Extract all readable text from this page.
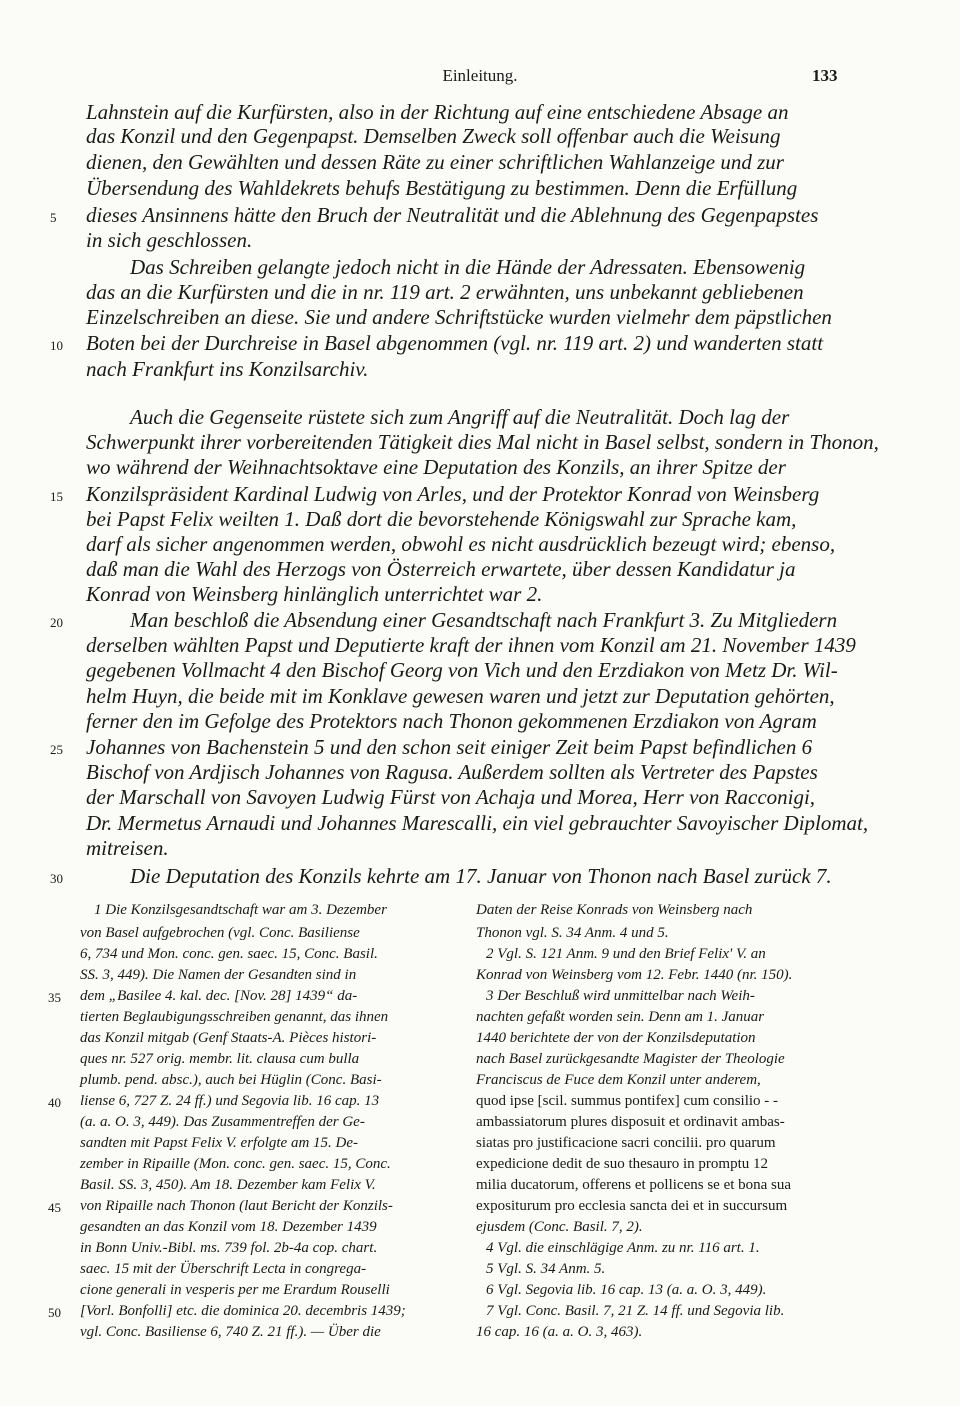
Einleitung.	133
Lahnstein auf die Kurfürsten, also in der Richtung auf eine entschiedene Absage an
das Konzil und den Gegenpapst. Demselben Zweck soll offenbar auch die Weisung
dienen, den Gewählten und dessen Räte zu einer schriftlichen Wahlanzeige und zur
Übersendung des Wahldekrets behufs Bestätigung zu bestimmen. Denn die Erfüllung
dieses Ansinnens hätte den Bruch der Neutralität und die Ablehnung des Gegenpapstes
5
in sich geschlossen.
Das Schreiben gelangte jedoch nicht in die Hände der Adressaten. Ebensowenig
das an die Kurfürsten und die in nr. 119 art. 2 erwähnten, uns unbekannt gebliebenen
Einzelschreiben an diese. Sie und andere Schriftstücke wurden vielmehr dem päpstlichen
Boten bei der Durchreise in Basel abgenommen (vgl. nr. 119 art. 2) und wanderten statt
10
nach Frankfurt ins Konzilsarchiv.
Auch die Gegenseite rüstete sich zum Angriff auf die Neutralität. Doch lag der
Schwerpunkt ihrer vorbereitenden Tätigkeit dies Mal nicht in Basel selbst, sondern in Thonon,
wo während der Weihnachtsoktave eine Deputation des Konzils, an ihrer Spitze der
Konzilspräsident Kardinal Ludwig von Arles, und der Protektor Konrad von Weinsberg
15
bei Papst Felix weilten 1. Daß dort die bevorstehende Königswahl zur Sprache kam,
darf als sicher angenommen werden, obwohl es nicht ausdrücklich bezeugt wird; ebenso,
daß man die Wahl des Herzogs von Österreich erwartete, über dessen Kandidatur ja
Konrad von Weinsberg hinlänglich unterrichtet war 2.
Man beschloß die Absendung einer Gesandtschaft nach Frankfurt 3. Zu Mitgliedern
20
derselben wählten Papst und Deputierte kraft der ihnen vom Konzil am 21. November 1439
gegebenen Vollmacht 4 den Bischof Georg von Vich und den Erzdiakon von Metz Dr. Wil-
helm Huyn, die beide mit im Konklave gewesen waren und jetzt zur Deputation gehörten,
ferner den im Gefolge des Protektors nach Thonon gekommenen Erzdiakon von Agram
Johannes von Bachenstein 5 und den schon seit einiger Zeit beim Papst befindlichen 6
25
Bischof von Ardjisch Johannes von Ragusa. Außerdem sollten als Vertreter des Papstes
der Marschall von Savoyen Ludwig Fürst von Achaja und Morea, Herr von Racconigi,
Dr. Mermetus Arnaudi und Johannes Marescalli, ein viel gebrauchter Savoyischer Diplomat,
mitreisen.
Die Deputation des Konzils kehrte am 17. Januar von Thonon nach Basel zurück 7.
30
1 Die Konzilsgesandtschaft war am 3. Dezember
von Basel aufgebrochen (vgl. Conc. Basiliense
6, 734 und Mon. conc. gen. saec. 15, Conc. Basil.
SS. 3, 449). Die Namen der Gesandten sind in
dem „Basilee 4. kal. dec. [Nov. 28] 1439“ da-
35
tierten Beglaubigungsschreiben genannt, das ihnen
das Konzil mitgab (Genf Staats-A. Pièces histori-
ques nr. 527 orig. membr. lit. clausa cum bulla
plumb. pend. absc.), auch bei Hüglin (Conc. Basi-
liense 6, 727 Z. 24 ff.) und Segovia lib. 16 cap. 13
40
(a. a. O. 3, 449). Das Zusammentreffen der Ge-
sandten mit Papst Felix V. erfolgte am 15. De-
zember in Ripaille (Mon. conc. gen. saec. 15, Conc.
Basil. SS. 3, 450). Am 18. Dezember kam Felix V.
von Ripaille nach Thonon (laut Bericht der Konzils-
45
gesandten an das Konzil vom 18. Dezember 1439
in Bonn Univ.-Bibl. ms. 739 fol. 2b-4a cop. chart.
saec. 15 mit der Überschrift Lecta in congrega-
cione generali in vesperis per me Erardum Rouselli
[Vorl. Bonfolli] etc. die dominica 20. decembris 1439;
50
vgl. Conc. Basiliense 6, 740 Z. 21 ff.). — Über die
Daten der Reise Konrads von Weinsberg nach
Thonon vgl. S. 34 Anm. 4 und 5.
2 Vgl. S. 121 Anm. 9 und den Brief Felix' V. an
Konrad von Weinsberg vom 12. Febr. 1440 (nr. 150).
3 Der Beschluß wird unmittelbar nach Weih-
nachten gefaßt worden sein. Denn am 1. Januar
1440 berichtete der von der Konzilsdeputation
nach Basel zurückgesandte Magister der Theologie
Franciscus de Fuce dem Konzil unter anderem,
quod ipse [scil. summus pontifex] cum consilio - -
ambassiatorum plures disposuit et ordinavit ambas-
siatas pro justificacione sacri concilii. pro quarum
expedicione dedit de suo thesauro in promptu 12
milia ducatorum, offerens et pollicens se et bona sua
expositurum pro ecclesia sancta dei et in succursum
ejusdem (Conc. Basil. 7, 2).
4 Vgl. die einschlägige Anm. zu nr. 116 art. 1.
5 Vgl. S. 34 Anm. 5.
6 Vgl. Segovia lib. 16 cap. 13 (a. a. O. 3, 449).
7 Vgl. Conc. Basil. 7, 21 Z. 14 ff. und Segovia lib.
16 cap. 16 (a. a. O. 3, 463).
